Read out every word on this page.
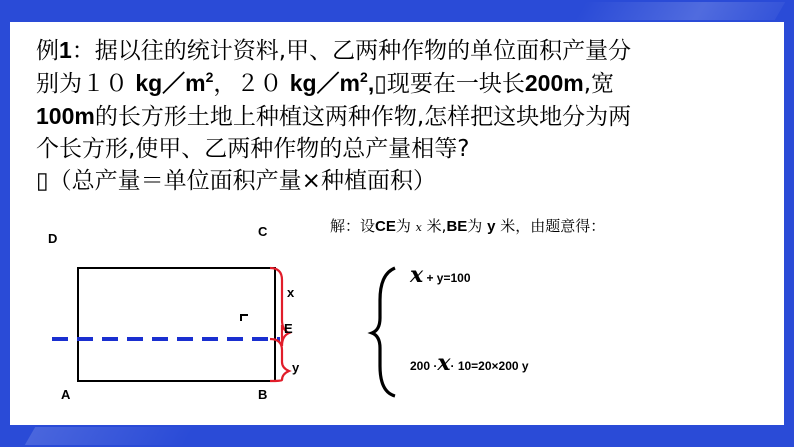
例1：据以往的统计资料,甲、乙两种作物的单位面积产量分
别为１０ $kg/m^2$，２０ $kg/m^2,▯$现要在一块长200m,宽
100m的长方形土地上种植这两种作物,怎样把这块地分为两
个长方形,使甲、乙两种作物的总产量相等?
▯（总产量＝单位面积产量×种植面积）
D	C
A	B
x
E
y
解：设CE为 x 米,BE为 y 米，由题意得：
x + y=100
200 ·x· 10=20×200 y
